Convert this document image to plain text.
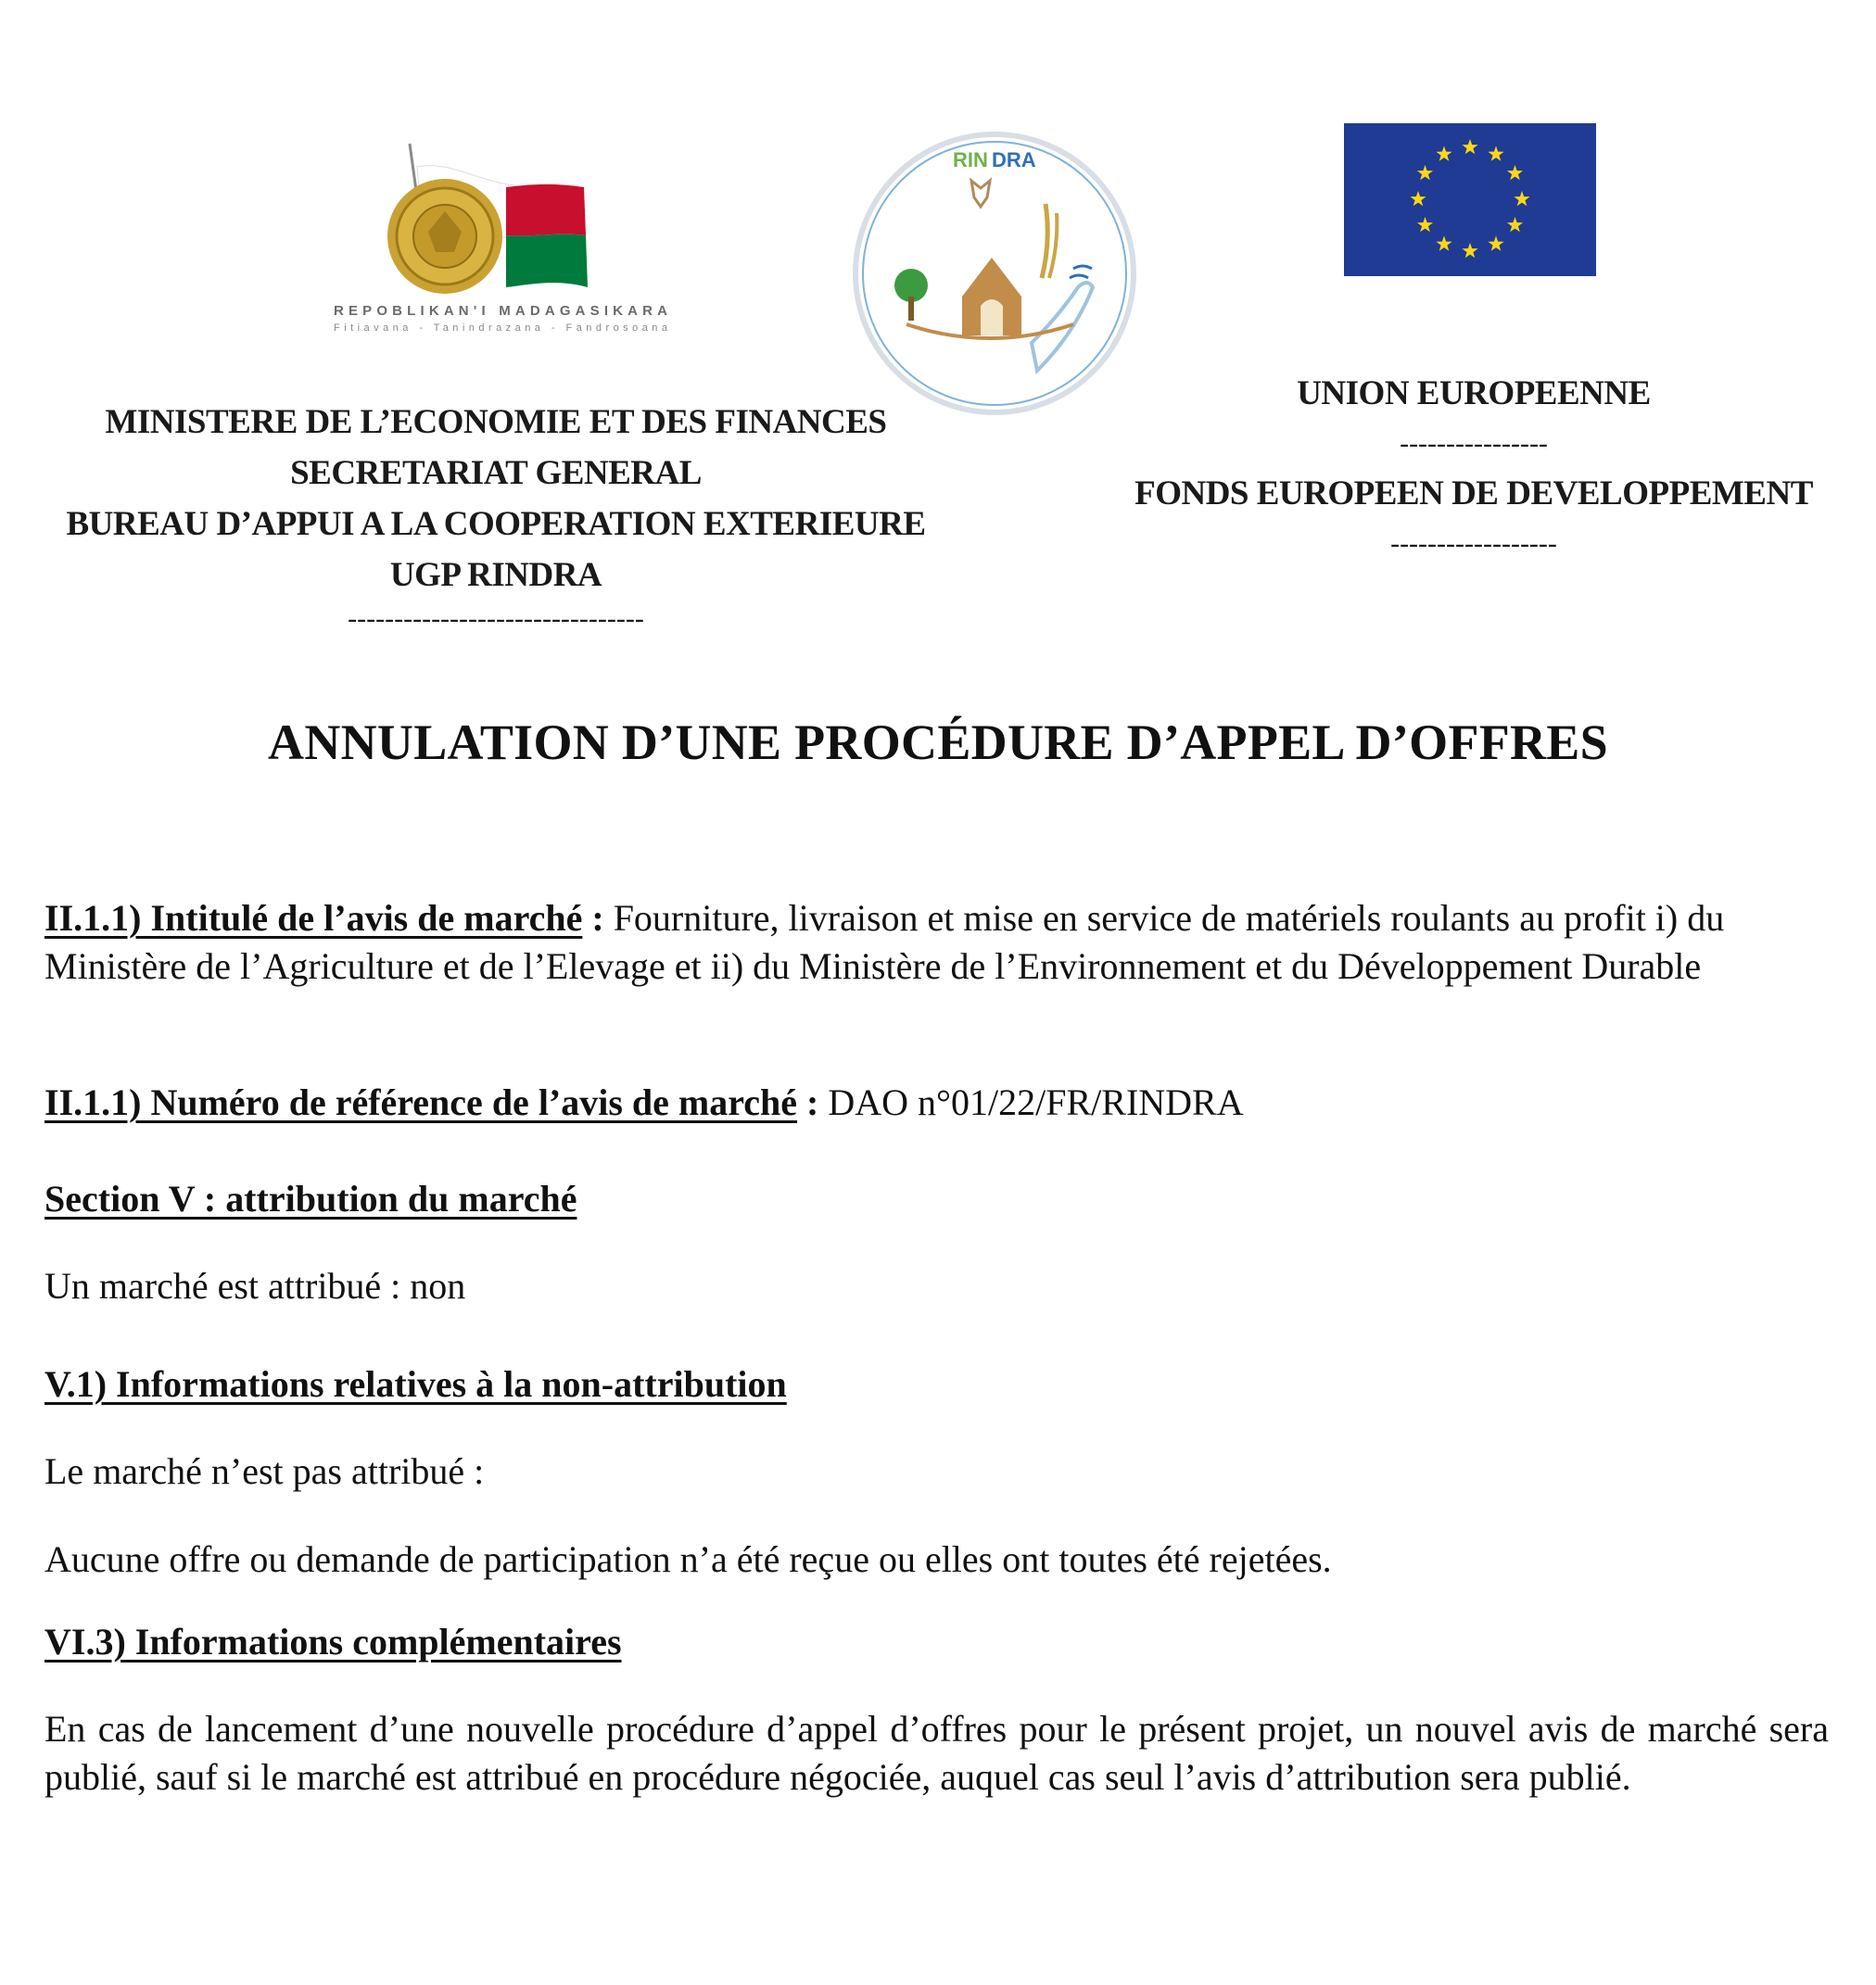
REPOBLIKAN'I MADAGASIKARA
Fitiavana - Tanindrazana - Fandrosoana
RIN DRA
MINISTERE DE L’ECONOMIE ET DES FINANCES
SECRETARIAT GENERAL
BUREAU D’APPUI A LA COOPERATION EXTERIEURE
UGP RINDRA
--------------------------------
UNION EUROPEENNE
----------------
FONDS EUROPEEN DE DEVELOPPEMENT
------------------
ANNULATION D’UNE PROCÉDURE D’APPEL D’OFFRES

II.1.1) Intitulé de l’avis de marché : Fourniture, livraison et mise en service de matériels roulants au profit i) du Ministère de l’Agriculture et de l’Elevage et ii) du Ministère de l’Environnement et du Développement Durable

II.1.1) Numéro de référence de l’avis de marché : DAO n°01/22/FR/RINDRA

Section V : attribution du marché

Un marché est attribué : non

V.1) Informations relatives à la non-attribution

Le marché n’est pas attribué :

Aucune offre ou demande de participation n’a été reçue ou elles ont toutes été rejetées.

VI.3) Informations complémentaires

En cas de lancement d’une nouvelle procédure d’appel d’offres pour le présent projet, un nouvel avis de marché sera publié, sauf si le marché est attribué en procédure négociée, auquel cas seul l’avis d’attribution sera publié.
